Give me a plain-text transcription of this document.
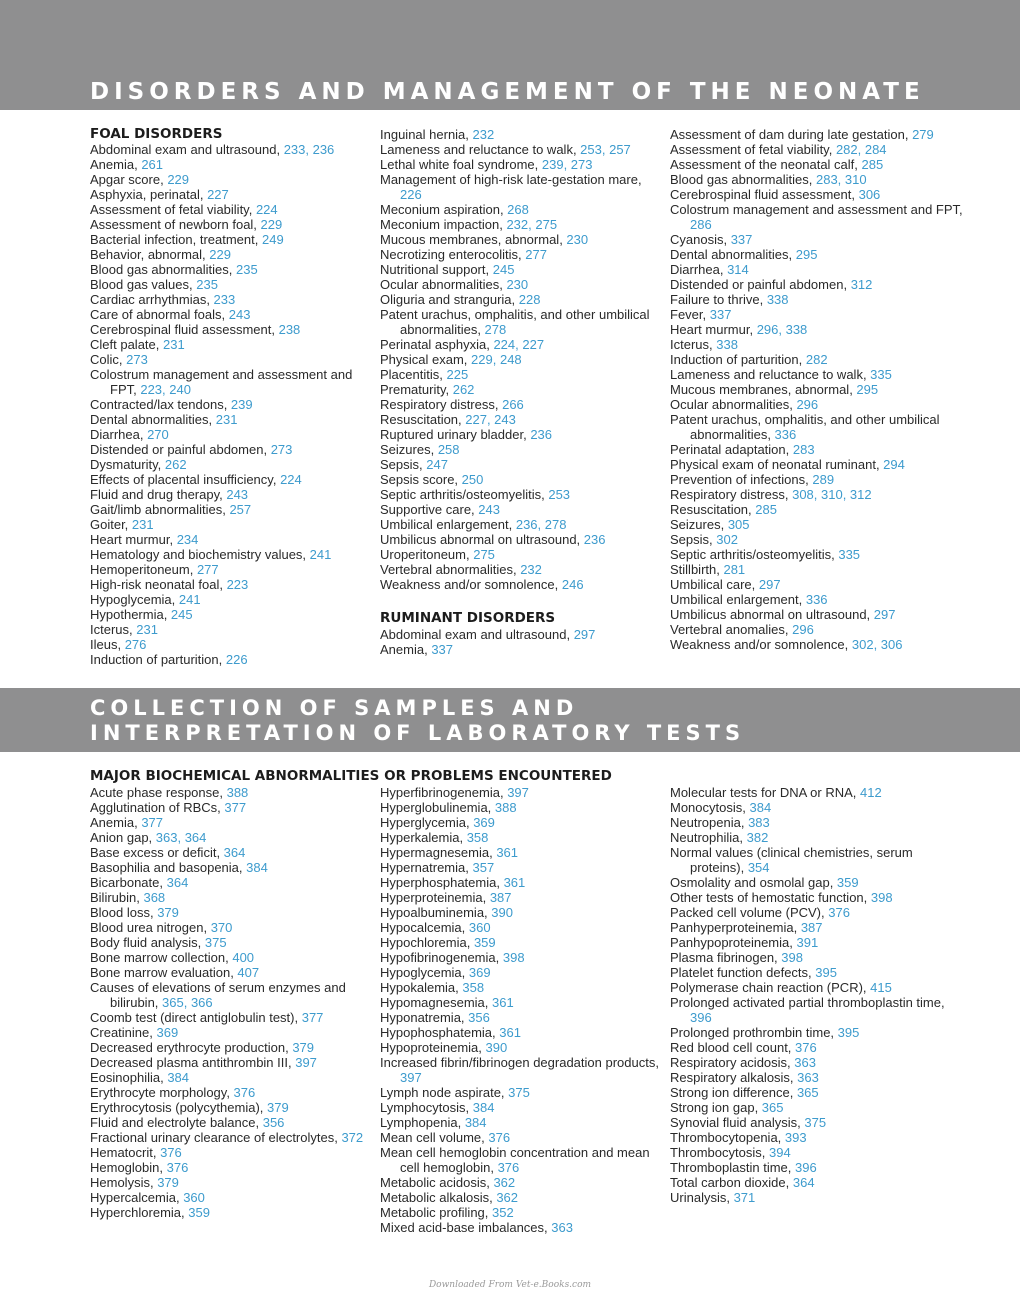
DISORDERS AND MANAGEMENT OF THE NEONATE
FOAL DISORDERS
Abdominal exam and ultrasound, 233, 236
Anemia, 261
Apgar score, 229
Asphyxia, perinatal, 227
Assessment of fetal viability, 224
Assessment of newborn foal, 229
Bacterial infection, treatment, 249
Behavior, abnormal, 229
Blood gas abnormalities, 235
Blood gas values, 235
Cardiac arrhythmias, 233
Care of abnormal foals, 243
Cerebrospinal fluid assessment, 238
Cleft palate, 231
Colic, 273
Colostrum management and assessment and FPT, 223, 240
Contracted/lax tendons, 239
Dental abnormalities, 231
Diarrhea, 270
Distended or painful abdomen, 273
Dysmaturity, 262
Effects of placental insufficiency, 224
Fluid and drug therapy, 243
Gait/limb abnormalities, 257
Goiter, 231
Heart murmur, 234
Hematology and biochemistry values, 241
Hemoperitoneum, 277
High-risk neonatal foal, 223
Hypoglycemia, 241
Hypothermia, 245
Icterus, 231
Ileus, 276
Induction of parturition, 226
Inguinal hernia, 232
Lameness and reluctance to walk, 253, 257
Lethal white foal syndrome, 239, 273
Management of high-risk late-gestation mare, 226
Meconium aspiration, 268
Meconium impaction, 232, 275
Mucous membranes, abnormal, 230
Necrotizing enterocolitis, 277
Nutritional support, 245
Ocular abnormalities, 230
Oliguria and stranguria, 228
Patent urachus, omphalitis, and other umbilical abnormalities, 278
Perinatal asphyxia, 224, 227
Physical exam, 229, 248
Placentitis, 225
Prematurity, 262
Respiratory distress, 266
Resuscitation, 227, 243
Ruptured urinary bladder, 236
Seizures, 258
Sepsis, 247
Sepsis score, 250
Septic arthritis/osteomyelitis, 253
Supportive care, 243
Umbilical enlargement, 236, 278
Umbilicus abnormal on ultrasound, 236
Uroperitoneum, 275
Vertebral abnormalities, 232
Weakness and/or somnolence, 246
RUMINANT DISORDERS
Abdominal exam and ultrasound, 297
Anemia, 337
Assessment of dam during late gestation, 279
Assessment of fetal viability, 282, 284
Assessment of the neonatal calf, 285
Blood gas abnormalities, 283, 310
Cerebrospinal fluid assessment, 306
Colostrum management and assessment and FPT, 286
Cyanosis, 337
Dental abnormalities, 295
Diarrhea, 314
Distended or painful abdomen, 312
Failure to thrive, 338
Fever, 337
Heart murmur, 296, 338
Icterus, 338
Induction of parturition, 282
Lameness and reluctance to walk, 335
Mucous membranes, abnormal, 295
Ocular abnormalities, 296
Patent urachus, omphalitis, and other umbilical abnormalities, 336
Perinatal adaptation, 283
Physical exam of neonatal ruminant, 294
Prevention of infections, 289
Respiratory distress, 308, 310, 312
Resuscitation, 285
Seizures, 305
Sepsis, 302
Septic arthritis/osteomyelitis, 335
Stillbirth, 281
Umbilical care, 297
Umbilical enlargement, 336
Umbilicus abnormal on ultrasound, 297
Vertebral anomalies, 296
Weakness and/or somnolence, 302, 306
COLLECTION OF SAMPLES AND
INTERPRETATION OF LABORATORY TESTS
MAJOR BIOCHEMICAL ABNORMALITIES OR PROBLEMS ENCOUNTERED
Acute phase response, 388
Agglutination of RBCs, 377
Anemia, 377
Anion gap, 363, 364
Base excess or deficit, 364
Basophilia and basopenia, 384
Bicarbonate, 364
Bilirubin, 368
Blood loss, 379
Blood urea nitrogen, 370
Body fluid analysis, 375
Bone marrow collection, 400
Bone marrow evaluation, 407
Causes of elevations of serum enzymes and bilirubin, 365, 366
Coomb test (direct antiglobulin test), 377
Creatinine, 369
Decreased erythrocyte production, 379
Decreased plasma antithrombin III, 397
Eosinophilia, 384
Erythrocyte morphology, 376
Erythrocytosis (polycythemia), 379
Fluid and electrolyte balance, 356
Fractional urinary clearance of electrolytes, 372
Hematocrit, 376
Hemoglobin, 376
Hemolysis, 379
Hypercalcemia, 360
Hyperchloremia, 359
Hyperfibrinogenemia, 397
Hyperglobulinemia, 388
Hyperglycemia, 369
Hyperkalemia, 358
Hypermagnesemia, 361
Hypernatremia, 357
Hyperphosphatemia, 361
Hyperproteinemia, 387
Hypoalbuminemia, 390
Hypocalcemia, 360
Hypochloremia, 359
Hypofibrinogenemia, 398
Hypoglycemia, 369
Hypokalemia, 358
Hypomagnesemia, 361
Hyponatremia, 356
Hypophosphatemia, 361
Hypoproteinemia, 390
Increased fibrin/fibrinogen degradation products, 397
Lymph node aspirate, 375
Lymphocytosis, 384
Lymphopenia, 384
Mean cell volume, 376
Mean cell hemoglobin concentration and mean cell hemoglobin, 376
Metabolic acidosis, 362
Metabolic alkalosis, 362
Metabolic profiling, 352
Mixed acid-base imbalances, 363
Molecular tests for DNA or RNA, 412
Monocytosis, 384
Neutropenia, 383
Neutrophilia, 382
Normal values (clinical chemistries, serum proteins), 354
Osmolality and osmolal gap, 359
Other tests of hemostatic function, 398
Packed cell volume (PCV), 376
Panhyperproteinemia, 387
Panhypoproteinemia, 391
Plasma fibrinogen, 398
Platelet function defects, 395
Polymerase chain reaction (PCR), 415
Prolonged activated partial thromboplastin time, 396
Prolonged prothrombin time, 395
Red blood cell count, 376
Respiratory acidosis, 363
Respiratory alkalosis, 363
Strong ion difference, 365
Strong ion gap, 365
Synovial fluid analysis, 375
Thrombocytopenia, 393
Thrombocytosis, 394
Thromboplastin time, 396
Total carbon dioxide, 364
Urinalysis, 371
Downloaded From Vet-e.Books.com
